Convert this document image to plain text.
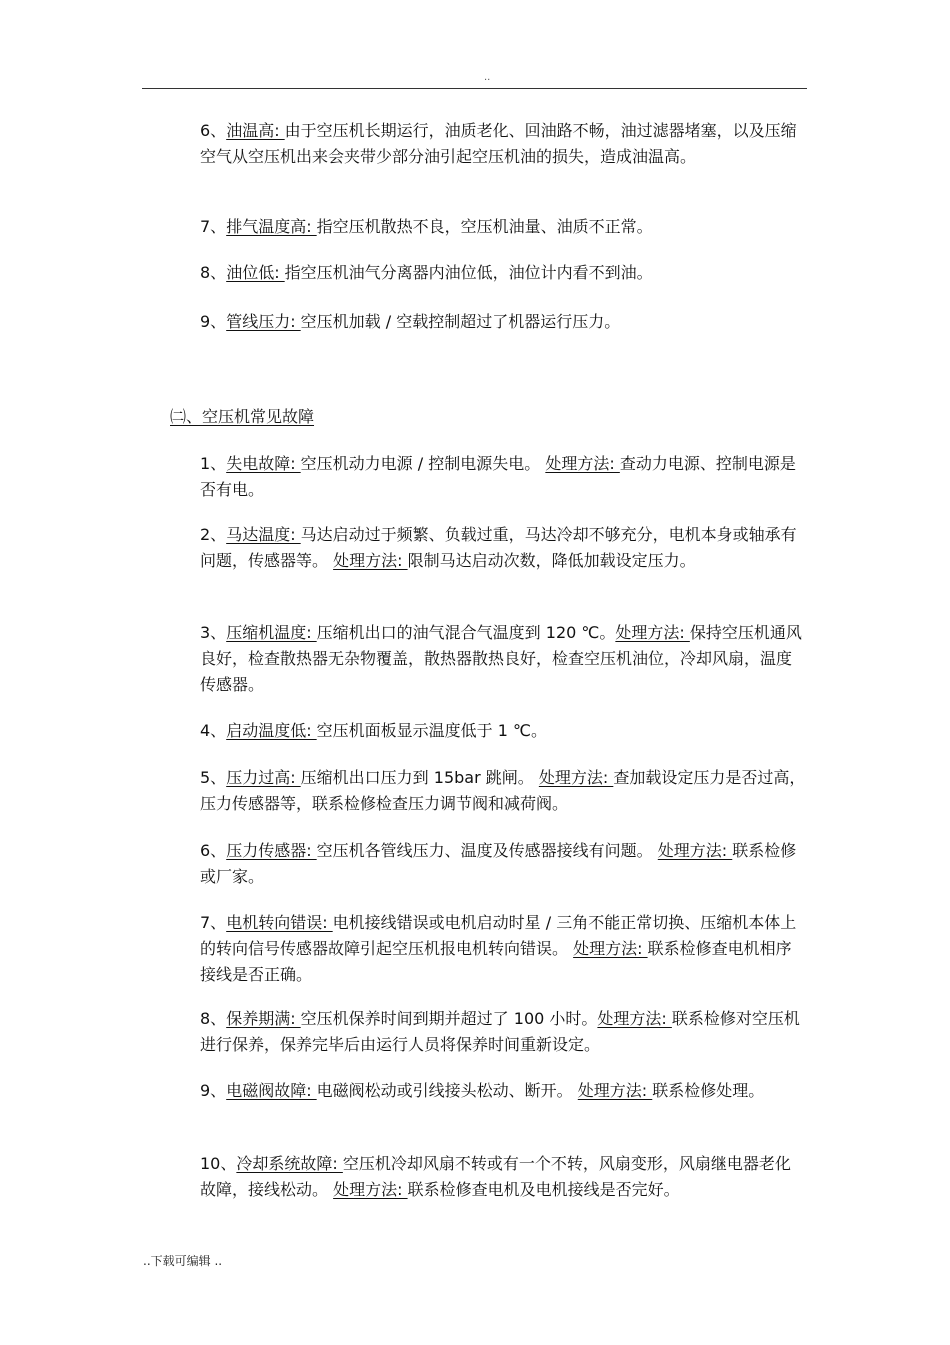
..

6、油温高: 由于空压机长期运行，油质老化、回油路不畅，油过滤器堵塞，以及压缩空气从空压机出来会夹带少部分油引起空压机油的损失，造成油温高。

7、排气温度高: 指空压机散热不良，空压机油量、油质不正常。

8、油位低: 指空压机油气分离器内油位低，油位计内看不到油。

9、管线压力: 空压机加载 / 空载控制超过了机器运行压力。

㈡、空压机常见故障

1、失电故障: 空压机动力电源 / 控制电源失电。 处理方法: 查动力电源、控制电源是否有电。

2、马达温度: 马达启动过于频繁、负载过重，马达冷却不够充分，电机本身或轴承有问题，传感器等。 处理方法: 限制马达启动次数，降低加载设定压力。

3、压缩机温度: 压缩机出口的油气混合气温度到 120 ℃。处理方法: 保持空压机通风良好，检查散热器无杂物覆盖，散热器散热良好，检查空压机油位，冷却风扇，温度传感器。

4、启动温度低: 空压机面板显示温度低于 1 ℃。

5、压力过高: 压缩机出口压力到 15bar 跳闸。 处理方法: 查加载设定压力是否过高，压力传感器等，联系检修检查压力调节阀和减荷阀。

6、压力传感器: 空压机各管线压力、温度及传感器接线有问题。 处理方法: 联系检修或厂家。

7、电机转向错误: 电机接线错误或电机启动时星 / 三角不能正常切换、压缩机本体上的转向信号传感器故障引起空压机报电机转向错误。 处理方法: 联系检修查电机相序接线是否正确。

8、保养期满: 空压机保养时间到期并超过了 100 小时。处理方法: 联系检修对空压机进行保养，保养完毕后由运行人员将保养时间重新设定。

9、电磁阀故障: 电磁阀松动或引线接头松动、断开。 处理方法: 联系检修处理。

10、冷却系统故障: 空压机冷却风扇不转或有一个不转，风扇变形，风扇继电器老化故障，接线松动。 处理方法: 联系检修查电机及电机接线是否完好。

..下载可编辑 ..
